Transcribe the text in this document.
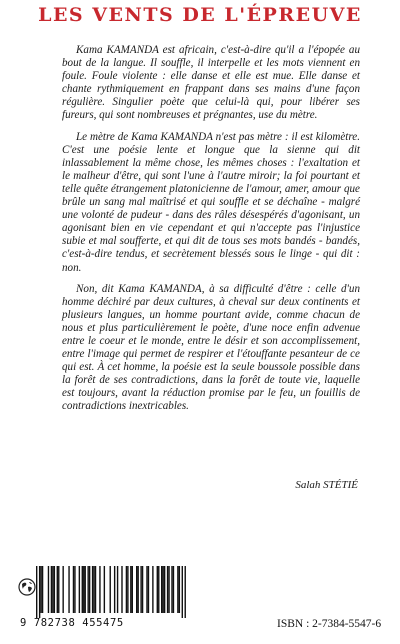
LES VENTS DE L'ÉPREUVE

Kama KAMANDA est africain, c'est-à-dire qu'il a l'épopée au bout de la langue. Il souffle, il interpelle et les mots viennent en foule. Foule violente : elle danse et elle est mue. Elle danse et chante rythmiquement en frappant dans ses mains d'une façon régulière. Singulier poète que celui-là qui, pour libérer ses fureurs, qui sont nombreuses et prégnantes, use du mètre.

Le mètre de Kama KAMANDA n'est pas mètre : il est kilomètre. C'est une poésie lente et longue que la sienne qui dit inlassablement la même chose, les mêmes choses : l'exaltation et le malheur d'être, qui sont l'une à l'autre miroir; la foi pourtant et telle quête étrangement platonicienne de l'amour, amer, amour que brûle un sang mal maîtrisé et qui souffle et se déchaîne - malgré une volonté de pudeur - dans des râles désespérés d'agonisant, un agonisant bien en vie cependant et qui n'accepte pas l'injustice subie et mal soufferte, et qui dit de tous ses mots bandés - bandés, c'est-à-dire tendus, et secrètement blessés sous le linge - qui dit : non.

Non, dit Kama KAMANDA, à sa difficulté d'être : celle d'un homme déchiré par deux cultures, à cheval sur deux continents et plusieurs langues, un homme pourtant avide, comme chacun de nous et plus particulièrement le poète, d'une noce enfin advenue entre le coeur et le monde, entre le désir et son accomplissement, entre l'image qui permet de respirer et l'étouffante pesanteur de ce qui est. À cet homme, la poésie est la seule boussole possible dans la forêt de ses contradictions, dans la forêt de toute vie, laquelle est toujours, avant la réduction promise par le feu, un fouillis de contradictions inextricables.

Salah STÉTIÉ
9 782738 455475	ISBN : 2-7384-5547-6
